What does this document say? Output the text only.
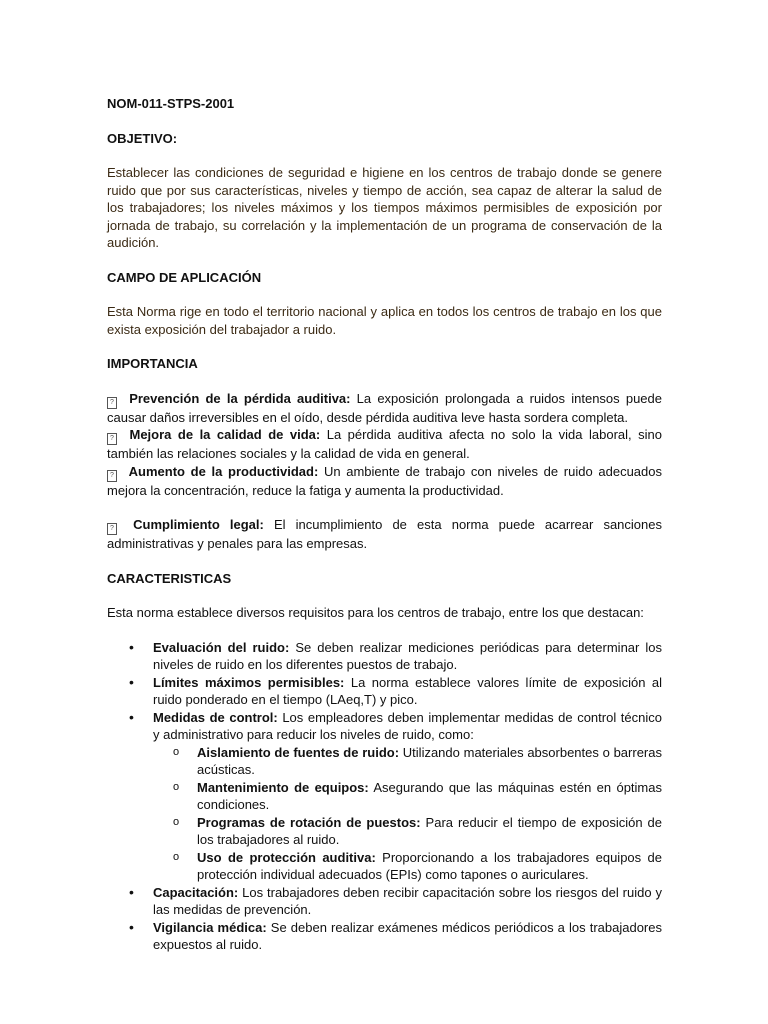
NOM-011-STPS-2001

OBJETIVO:

Establecer las condiciones de seguridad e higiene en los centros de trabajo donde se genere ruido que por sus características, niveles y tiempo de acción, sea capaz de alterar la salud de los trabajadores; los niveles máximos y los tiempos máximos permisibles de exposición por jornada de trabajo, su correlación y la implementación de un programa de conservación de la audición.

CAMPO DE APLICACIÓN

Esta Norma rige en todo el territorio nacional y aplica en todos los centros de trabajo en los que exista exposición del trabajador a ruido.

IMPORTANCIA

? Prevención de la pérdida auditiva: La exposición prolongada a ruidos intensos puede causar daños irreversibles en el oído, desde pérdida auditiva leve hasta sordera completa.

? Mejora de la calidad de vida: La pérdida auditiva afecta no solo la vida laboral, sino también las relaciones sociales y la calidad de vida en general.

? Aumento de la productividad: Un ambiente de trabajo con niveles de ruido adecuados mejora la concentración, reduce la fatiga y aumenta la productividad.

? Cumplimiento legal: El incumplimiento de esta norma puede acarrear sanciones administrativas y penales para las empresas.

CARACTERISTICAS

Esta norma establece diversos requisitos para los centros de trabajo, entre los que destacan:

• Evaluación del ruido: Se deben realizar mediciones periódicas para determinar los niveles de ruido en los diferentes puestos de trabajo.
• Límites máximos permisibles: La norma establece valores límite de exposición al ruido ponderado en el tiempo (LAeq,T) y pico.
• Medidas de control: Los empleadores deben implementar medidas de control técnico y administrativo para reducir los niveles de ruido, como:
o Aislamiento de fuentes de ruido: Utilizando materiales absorbentes o barreras acústicas.
o Mantenimiento de equipos: Asegurando que las máquinas estén en óptimas condiciones.
o Programas de rotación de puestos: Para reducir el tiempo de exposición de los trabajadores al ruido.
o Uso de protección auditiva: Proporcionando a los trabajadores equipos de protección individual adecuados (EPIs) como tapones o auriculares.
• Capacitación: Los trabajadores deben recibir capacitación sobre los riesgos del ruido y las medidas de prevención.
• Vigilancia médica: Se deben realizar exámenes médicos periódicos a los trabajadores expuestos al ruido.
